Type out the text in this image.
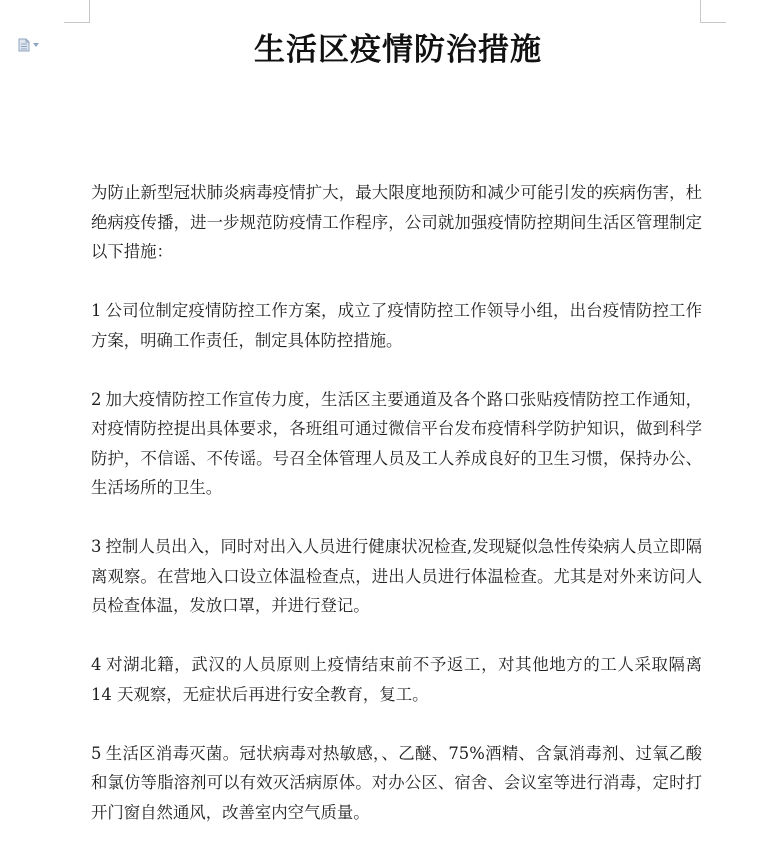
生活区疫情防治措施

为防止新型冠状肺炎病毒疫情扩大，最大限度地预防和减少可能引发的疾病伤害，杜绝病疫传播，进一步规范防疫情工作程序，公司就加强疫情防控期间生活区管理制定以下措施：

1 公司位制定疫情防控工作方案，成立了疫情防控工作领导小组，出台疫情防控工作方案，明确工作责任，制定具体防控措施。

2 加大疫情防控工作宣传力度，生活区主要通道及各个路口张贴疫情防控工作通知，对疫情防控提出具体要求，各班组可通过微信平台发布疫情科学防护知识，做到科学防护，不信谣、不传谣。号召全体管理人员及工人养成良好的卫生习惯，保持办公、生活场所的卫生。

3 控制人员出入，同时对出入人员进行健康状况检查,发现疑似急性传染病人员立即隔离观察。在营地入口设立体温检查点，进出人员进行体温检查。尤其是对外来访问人员检查体温，发放口罩，并进行登记。

4 对湖北籍，武汉的人员原则上疫情结束前不予返工，对其他地方的工人采取隔离 14 天观察，无症状后再进行安全教育，复工。

5 生活区消毒灭菌。冠状病毒对热敏感，、乙醚、75%酒精、含氯消毒剂、过氧乙酸和氯仿等脂溶剂可以有效灭活病原体。对办公区、宿舍、会议室等进行消毒，定时打开门窗自然通风，改善室内空气质量。
